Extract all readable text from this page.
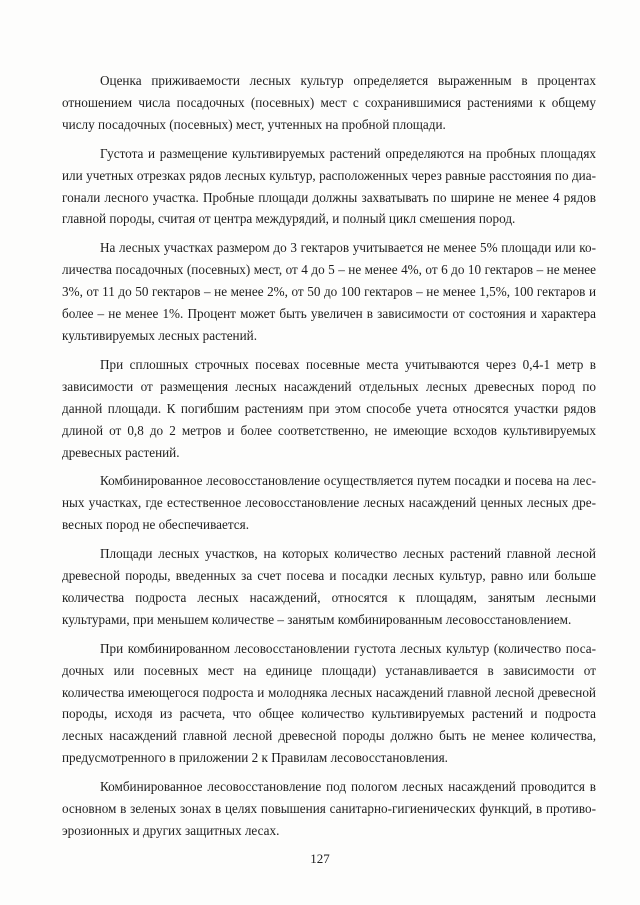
Оценка приживаемости лесных культур определяется выраженным в процентах отношением числа посадочных (посевных) мест с сохранившимися растениями к общему числу посадочных (посевных) мест, учтенных на пробной площади.

Густота и размещение культивируемых растений определяются на пробных площадях или учетных отрезках рядов лесных культур, расположенных через равные расстояния по диагонали лесного участка. Пробные площади должны захватывать по ширине не менее 4 рядов главной породы, считая от центра междурядий, и полный цикл смешения пород.

На лесных участках размером до 3 гектаров учитывается не менее 5% площади или количества посадочных (посевных) мест, от 4 до 5 – не менее 4%, от 6 до 10 гектаров – не менее 3%, от 11 до 50 гектаров – не менее 2%, от 50 до 100 гектаров – не менее 1,5%, 100 гектаров и более – не менее 1%. Процент может быть увеличен в зависимости от состояния и характера культивируемых лесных растений.

При сплошных строчных посевах посевные места учитываются через 0,4-1 метр в зависимости от размещения лесных насаждений отдельных лесных древесных пород по данной площади. К погибшим растениям при этом способе учета относятся участки рядов длиной от 0,8 до 2 метров и более соответственно, не имеющие всходов культивируемых древесных растений.

Комбинированное лесовосстановление осуществляется путем посадки и посева на лесных участках, где естественное лесовосстановление лесных насаждений ценных лесных древесных пород не обеспечивается.

Площади лесных участков, на которых количество лесных растений главной лесной древесной породы, введенных за счет посева и посадки лесных культур, равно или больше количества подроста лесных насаждений, относятся к площадям, занятым лесными культурами, при меньшем количестве – занятым комбинированным лесовосстановлением.

При комбинированном лесовосстановлении густота лесных культур (количество посадочных или посевных мест на единице площади) устанавливается в зависимости от количества имеющегося подроста и молодняка лесных насаждений главной лесной древесной породы, исходя из расчета, что общее количество культивируемых растений и подроста лесных насаждений главной лесной древесной породы должно быть не менее количества, предусмотренного в приложении 2 к Правилам лесовосстановления.

Комбинированное лесовосстановление под пологом лесных насаждений проводится в основном в зеленых зонах в целях повышения санитарно-гигиенических функций, в противоэрозионных и других защитных лесах.

127
